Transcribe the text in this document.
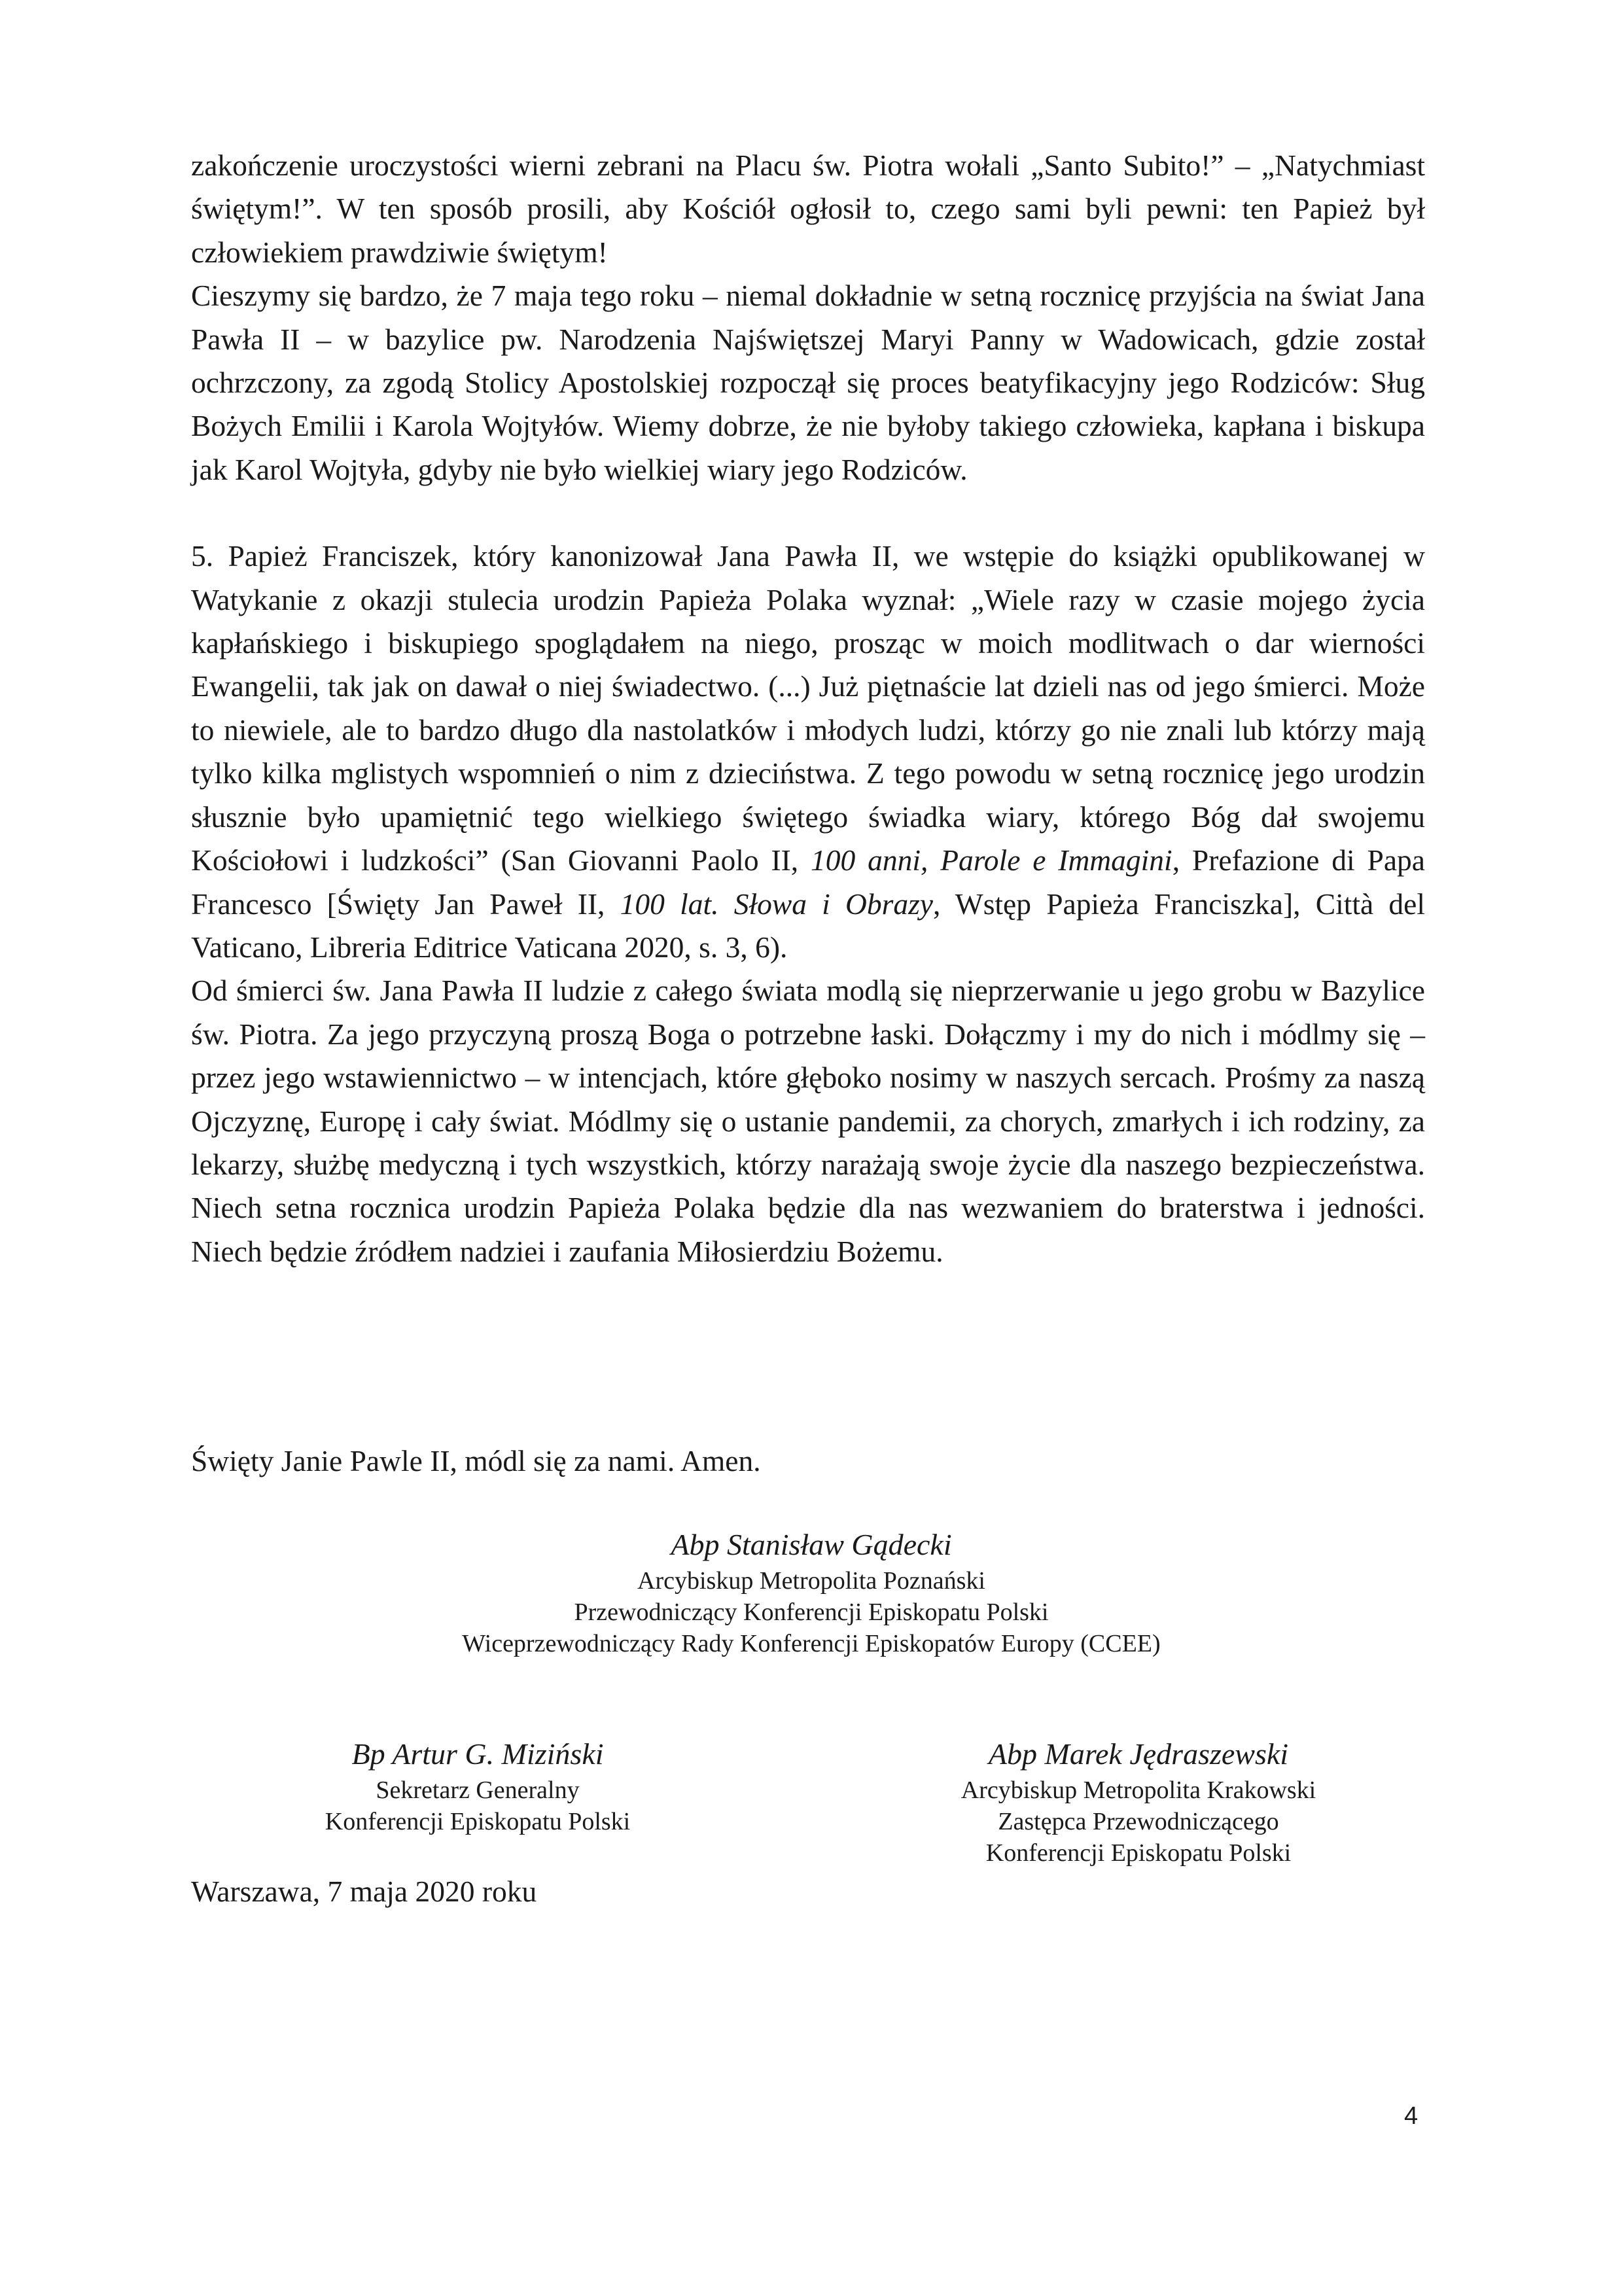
zakończenie uroczystości wierni zebrani na Placu św. Piotra wołali „Santo Subito!” – „Natychmiast świętym!”. W ten sposób prosili, aby Kościół ogłosił to, czego sami byli pewni: ten Papież był człowiekiem prawdziwie świętym!

Cieszymy się bardzo, że 7 maja tego roku – niemal dokładnie w setną rocznicę przyjścia na świat Jana Pawła II – w bazylice pw. Narodzenia Najświętszej Maryi Panny w Wadowicach, gdzie został ochrzczony, za zgodą Stolicy Apostolskiej rozpoczął się proces beatyfikacyjny jego Rodziców: Sług Bożych Emilii i Karola Wojtyłów. Wiemy dobrze, że nie byłoby takiego człowieka, kapłana i biskupa jak Karol Wojtyła, gdyby nie było wielkiej wiary jego Rodziców.

5. Papież Franciszek, który kanonizował Jana Pawła II, we wstępie do książki opublikowanej w Watykanie z okazji stulecia urodzin Papieża Polaka wyznał: „Wiele razy w czasie mojego życia kapłańskiego i biskupiego spoglądałem na niego, prosząc w moich modlitwach o dar wierności Ewangelii, tak jak on dawał o niej świadectwo. (...) Już piętnaście lat dzieli nas od jego śmierci. Może to niewiele, ale to bardzo długo dla nastolatków i młodych ludzi, którzy go nie znali lub którzy mają tylko kilka mglistych wspomnień o nim z dzieciństwa. Z tego powodu w setną rocznicę jego urodzin słusznie było upamiętnić tego wielkiego świętego świadka wiary, którego Bóg dał swojemu Kościołowi i ludzkości” (San Giovanni Paolo II, 100 anni, Parole e Immagini, Prefazione di Papa Francesco [Święty Jan Paweł II, 100 lat. Słowa i Obrazy, Wstęp Papieża Franciszka], Città del Vaticano, Libreria Editrice Vaticana 2020, s. 3, 6).

Od śmierci św. Jana Pawła II ludzie z całego świata modlą się nieprzerwanie u jego grobu w Bazylice św. Piotra. Za jego przyczyną proszą Boga o potrzebne łaski. Dołączmy i my do nich i módlmy się – przez jego wstawiennictwo – w intencjach, które głęboko nosimy w naszych sercach. Prośmy za naszą Ojczyznę, Europę i cały świat. Módlmy się o ustanie pandemii, za chorych, zmarłych i ich rodziny, za lekarzy, służbę medyczną i tych wszystkich, którzy narażają swoje życie dla naszego bezpieczeństwa. Niech setna rocznica urodzin Papieża Polaka będzie dla nas wezwaniem do braterstwa i jedności. Niech będzie źródłem nadziei i zaufania Miłosierdziu Bożemu.

Święty Janie Pawle II, módl się za nami. Amen.
Abp Stanisław Gądecki
Arcybiskup Metropolita Poznański
Przewodniczący Konferencji Episkopatu Polski
Wiceprzewodniczący Rady Konferencji Episkopatów Europy (CCEE)
Bp Artur G. Miziński
Sekretarz Generalny
Konferencji Episkopatu Polski
Abp Marek Jędraszewski
Arcybiskup Metropolita Krakowski
Zastępca Przewodniczącego
Konferencji Episkopatu Polski
Warszawa, 7 maja 2020 roku
4
